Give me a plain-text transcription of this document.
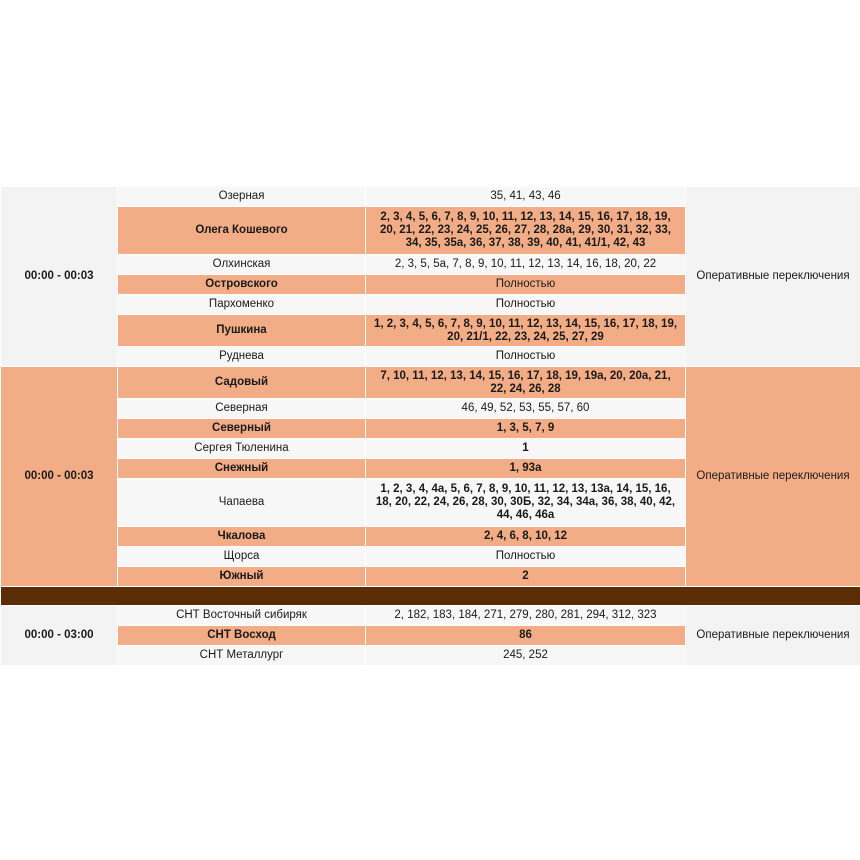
00:00 - 00:03	Озерная	35, 41, 43, 46	Оперативные переключения
	Олега Кошевого	2, 3, 4, 5, 6, 7, 8, 9, 10, 11, 12, 13, 14, 15, 16, 17, 18, 19, 20, 21, 22, 23, 24, 25, 26, 27, 28, 28а, 29, 30, 31, 32, 33, 34, 35, 35а, 36, 37, 38, 39, 40, 41, 41/1, 42, 43	
	Олхинская	2, 3, 5, 5а, 7, 8, 9, 10, 11, 12, 13, 14, 16, 18, 20, 22	
	Островского	Полностью	
	Пархоменко	Полностью	
	Пушкина	1, 2, 3, 4, 5, 6, 7, 8, 9, 10, 11, 12, 13, 14, 15, 16, 17, 18, 19, 20, 21/1, 22, 23, 24, 25, 27, 29	
	Руднева	Полностью	
00:00 - 00:03	Садовый	7, 10, 11, 12, 13, 14, 15, 16, 17, 18, 19, 19а, 20, 20а, 21, 22, 24, 26, 28	Оперативные переключения
	Северная	46, 49, 52, 53, 55, 57, 60	
	Северный	1, 3, 5, 7, 9	
	Сергея Тюленина	1	
	Снежный	1, 93а	
	Чапаева	1, 2, 3, 4, 4а, 5, 6, 7, 8, 9, 10, 11, 12, 13, 13а, 14, 15, 16, 18, 20, 22, 24, 26, 28, 30, 30Б, 32, 34, 34а, 36, 38, 40, 42, 44, 46, 46а	
	Чкалова	2, 4, 6, 8, 10, 12	
	Щорса	Полностью	
	Южный	2	

00:00 - 03:00	СНТ Восточный сибиряк	2, 182, 183, 184, 271, 279, 280, 281, 294, 312, 323	Оперативные переключения
	СНТ Восход	86	
	СНТ Металлург	245, 252	
